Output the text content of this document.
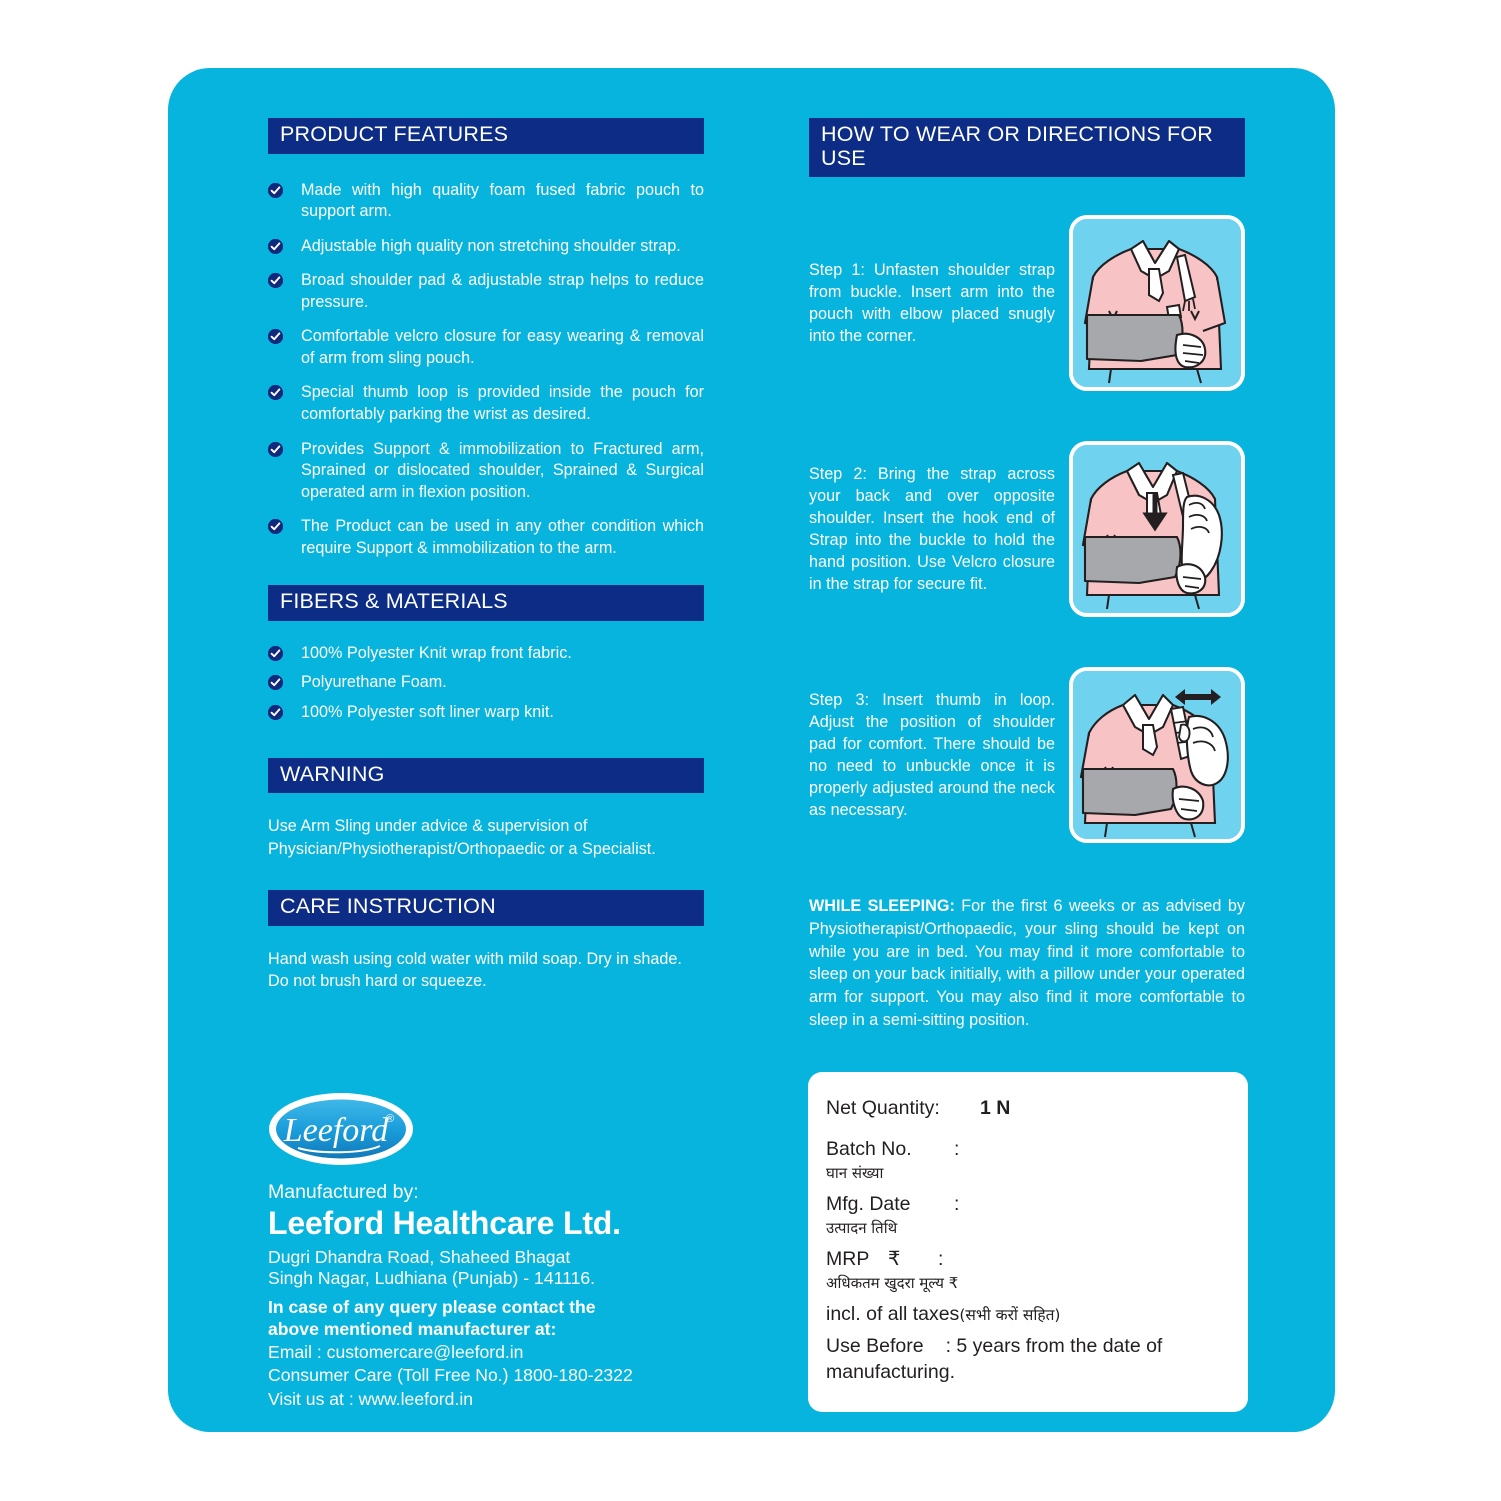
PRODUCT FEATURES
Made with high quality foam fused fabric pouch to support arm.
Adjustable high quality non stretching shoulder strap.
Broad shoulder pad & adjustable strap helps to reduce pressure.
Comfortable velcro closure for easy wearing & removal of arm from sling pouch.
Special thumb loop is provided inside the pouch for comfortably parking the wrist as desired.
Provides Support & immobilization to Fractured arm, Sprained or dislocated shoulder, Sprained & Surgical operated arm in flexion position.
The Product can be used in any other condition which require Support & immobilization to the arm.
FIBERS & MATERIALS
100% Polyester Knit wrap front fabric.
Polyurethane Foam.
100% Polyester soft liner warp knit.
WARNING

Use Arm Sling under advice & supervision of Physician/Physiotherapist/Orthopaedic or a Specialist.

CARE INSTRUCTION

Hand wash using cold water with mild soap. Dry in shade. Do not brush hard or squeeze.

HOW TO WEAR OR DIRECTIONS FOR USE
Step 1: Unfasten shoulder strap from buckle. Insert arm into the pouch with elbow placed snugly into the corner.
Step 2: Bring the strap across your back and over opposite shoulder. Insert the hook end of Strap into the buckle to hold the hand position. Use Velcro closure in the strap for secure fit.
Step 3: Insert thumb in loop. Adjust the position of shoulder pad for comfort. There should be no need to unbuckle once it is properly adjusted around the neck as necessary.

WHILE SLEEPING: For the first 6 weeks or as advised by Physiotherapist/Orthopaedic, your sling should be kept on while you are in bed. You may find it more comfortable to sleep on your back initially, with a pillow under your operated arm for support. You may also find it more comfortable to sleep in a semi-sitting position.

Leeford
®
Manufactured by:
Leeford Healthcare Ltd.
Dugri Dhandra Road, Shaheed Bhagat
Singh Nagar, Ludhiana (Punjab) - 141116.
In case of any query please contact the
above mentioned manufacturer at:
Email : customercare@leeford.in
Consumer Care (Toll Free No.) 1800-180-2322
Visit us at : www.leeford.in
Net Quantity:	1 N
Batch No.	:
घान संख्या
Mfg. Date	:
उत्पादन तिथि
MRP ₹	:
अधिकतम खुदरा मूल्य ₹
incl. of all taxes(सभी करों सहित)
Use Before : 5 years from the date of
manufacturing.
